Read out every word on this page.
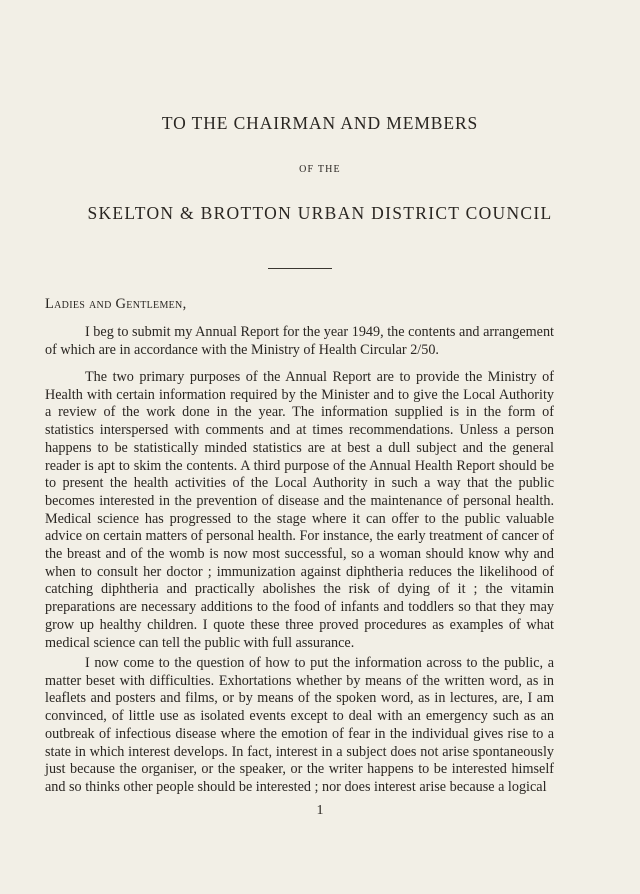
TO THE CHAIRMAN AND MEMBERS
OF THE
SKELTON & BROTTON URBAN DISTRICT COUNCIL
Ladies and Gentlemen,

I beg to submit my Annual Report for the year 1949, the contents and arrangement of which are in accordance with the Ministry of Health Circular 2/50.

The two primary purposes of the Annual Report are to provide the Ministry of Health with certain information required by the Minister and to give the Local Authority a review of the work done in the year. The information supplied is in the form of statistics interspersed with comments and at times recommendations. Unless a person happens to be statistically minded statistics are at best a dull subject and the general reader is apt to skim the contents. A third purpose of the Annual Health Report should be to present the health activities of the Local Authority in such a way that the public becomes interested in the prevention of disease and the maintenance of personal health. Medical science has progressed to the stage where it can offer to the public valuable advice on certain matters of personal health. For instance, the early treatment of cancer of the breast and of the womb is now most successful, so a woman should know why and when to consult her doctor ; immunization against diphtheria reduces the likelihood of catching diphtheria and practically abolishes the risk of dying of it ; the vitamin preparations are necessary additions to the food of infants and toddlers so that they may grow up healthy children. I quote these three proved procedures as examples of what medical science can tell the public with full assurance.

I now come to the question of how to put the information across to the public, a matter beset with difficulties. Exhortations whether by means of the written word, as in leaflets and posters and films, or by means of the spoken word, as in lectures, are, I am convinced, of little use as isolated events except to deal with an emergency such as an outbreak of infectious disease where the emotion of fear in the individual gives rise to a state in which interest develops. In fact, interest in a subject does not arise spontaneously just because the organiser, or the speaker, or the writer happens to be interested himself and so thinks other people should be interested ; nor does interest arise because a logical

1
